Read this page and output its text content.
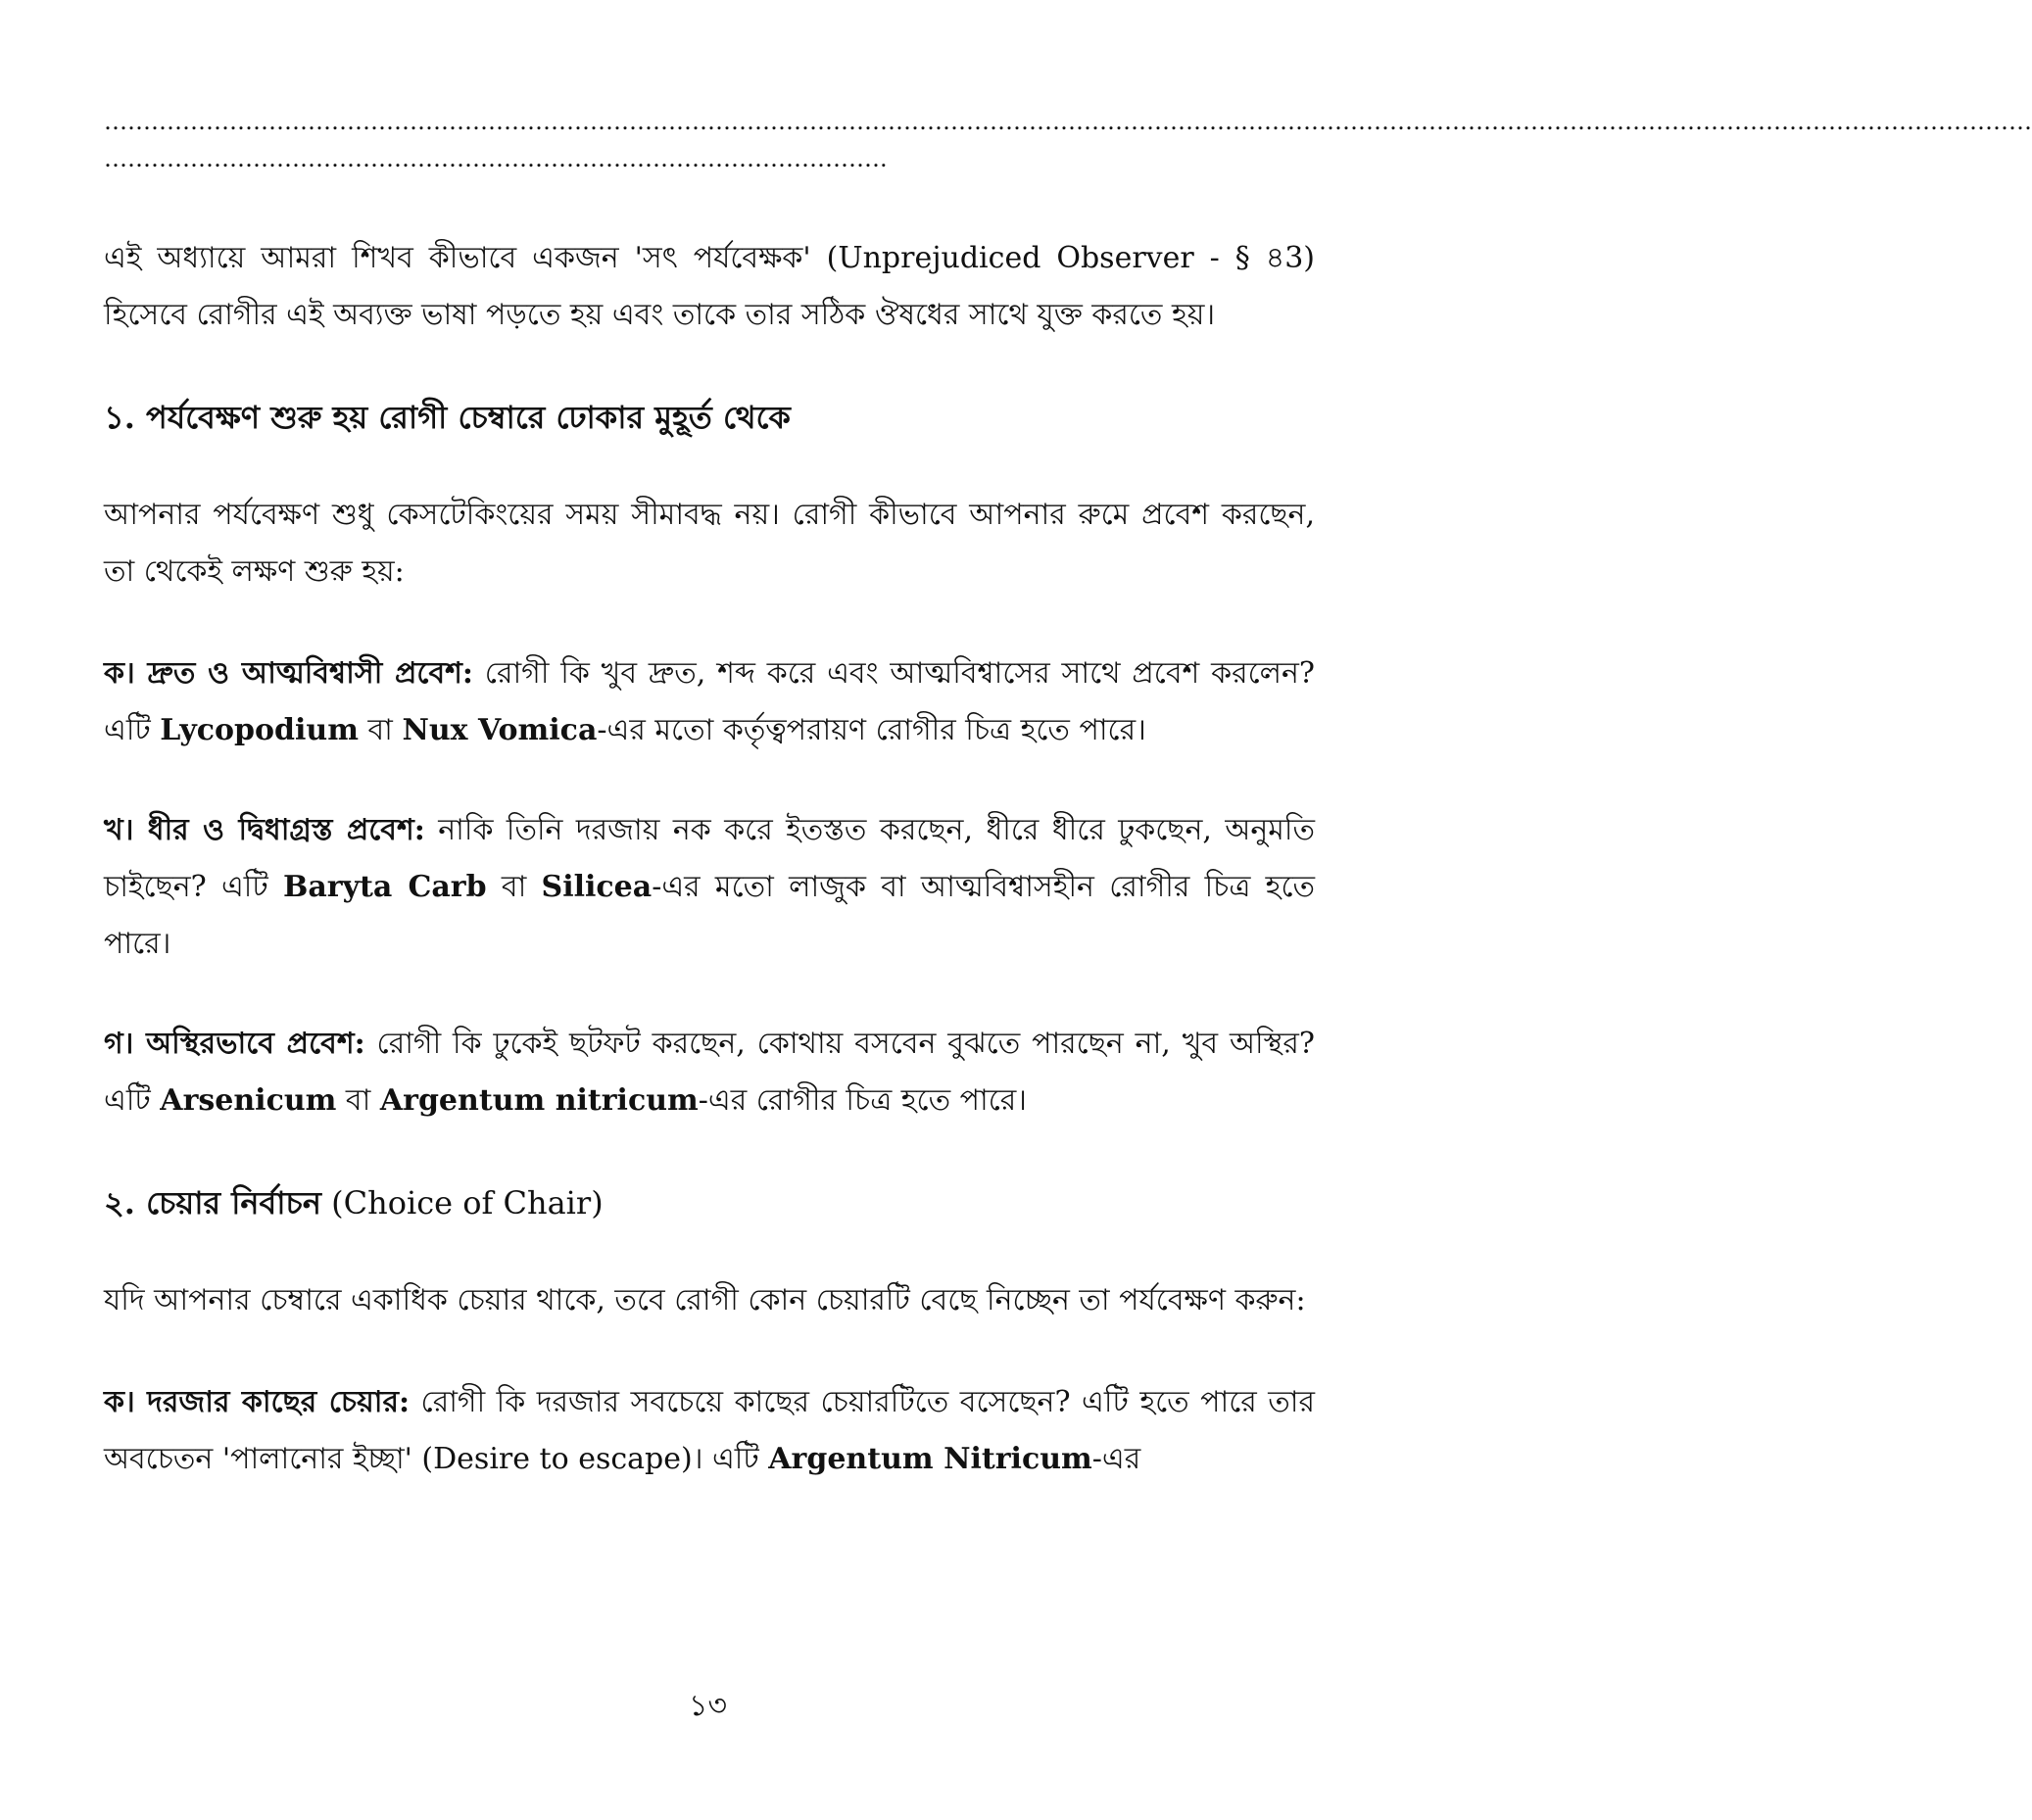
…………………………………………………………………………………………………………………………………………………………………………………………………………………………
……………………………………………………………………………………….

এই অধ্যায়ে আমরা শিখব কীভাবে একজন 'সৎ পর্যবেক্ষক' (Unprejudiced Observer - § ৪3) হিসেবে রোগীর এই অব্যক্ত ভাষা পড়তে হয় এবং তাকে তার সঠিক ঔষধের সাথে যুক্ত করতে হয়।

১. পর্যবেক্ষণ শুরু হয় রোগী চেম্বারে ঢোকার মুহূর্ত থেকে

আপনার পর্যবেক্ষণ শুধু কেসটেকিংয়ের সময় সীমাবদ্ধ নয়। রোগী কীভাবে আপনার রুমে প্রবেশ করছেন, তা থেকেই লক্ষণ শুরু হয়:

ক। দ্রুত ও আত্মবিশ্বাসী প্রবেশ: রোগী কি খুব দ্রুত, শব্দ করে এবং আত্মবিশ্বাসের সাথে প্রবেশ করলেন? এটি Lycopodium বা Nux Vomica-এর মতো কর্তৃত্বপরায়ণ রোগীর চিত্র হতে পারে।

খ। ধীর ও দ্বিধাগ্রস্ত প্রবেশ: নাকি তিনি দরজায় নক করে ইতস্তত করছেন, ধীরে ধীরে ঢুকছেন, অনুমতি চাইছেন? এটি Baryta Carb বা Silicea-এর মতো লাজুক বা আত্মবিশ্বাসহীন রোগীর চিত্র হতে পারে।

গ। অস্থিরভাবে প্রবেশ: রোগী কি ঢুকেই ছটফট করছেন, কোথায় বসবেন বুঝতে পারছেন না, খুব অস্থির? এটি Arsenicum বা Argentum nitricum-এর রোগীর চিত্র হতে পারে।

২. চেয়ার নির্বাচন (Choice of Chair)

যদি আপনার চেম্বারে একাধিক চেয়ার থাকে, তবে রোগী কোন চেয়ারটি বেছে নিচ্ছেন তা পর্যবেক্ষণ করুন:

ক। দরজার কাছের চেয়ার: রোগী কি দরজার সবচেয়ে কাছের চেয়ারটিতে বসেছেন? এটি হতে পারে তার অবচেতন 'পালানোর ইচ্ছা' (Desire to escape)। এটি Argentum Nitricum-এর

১৩
